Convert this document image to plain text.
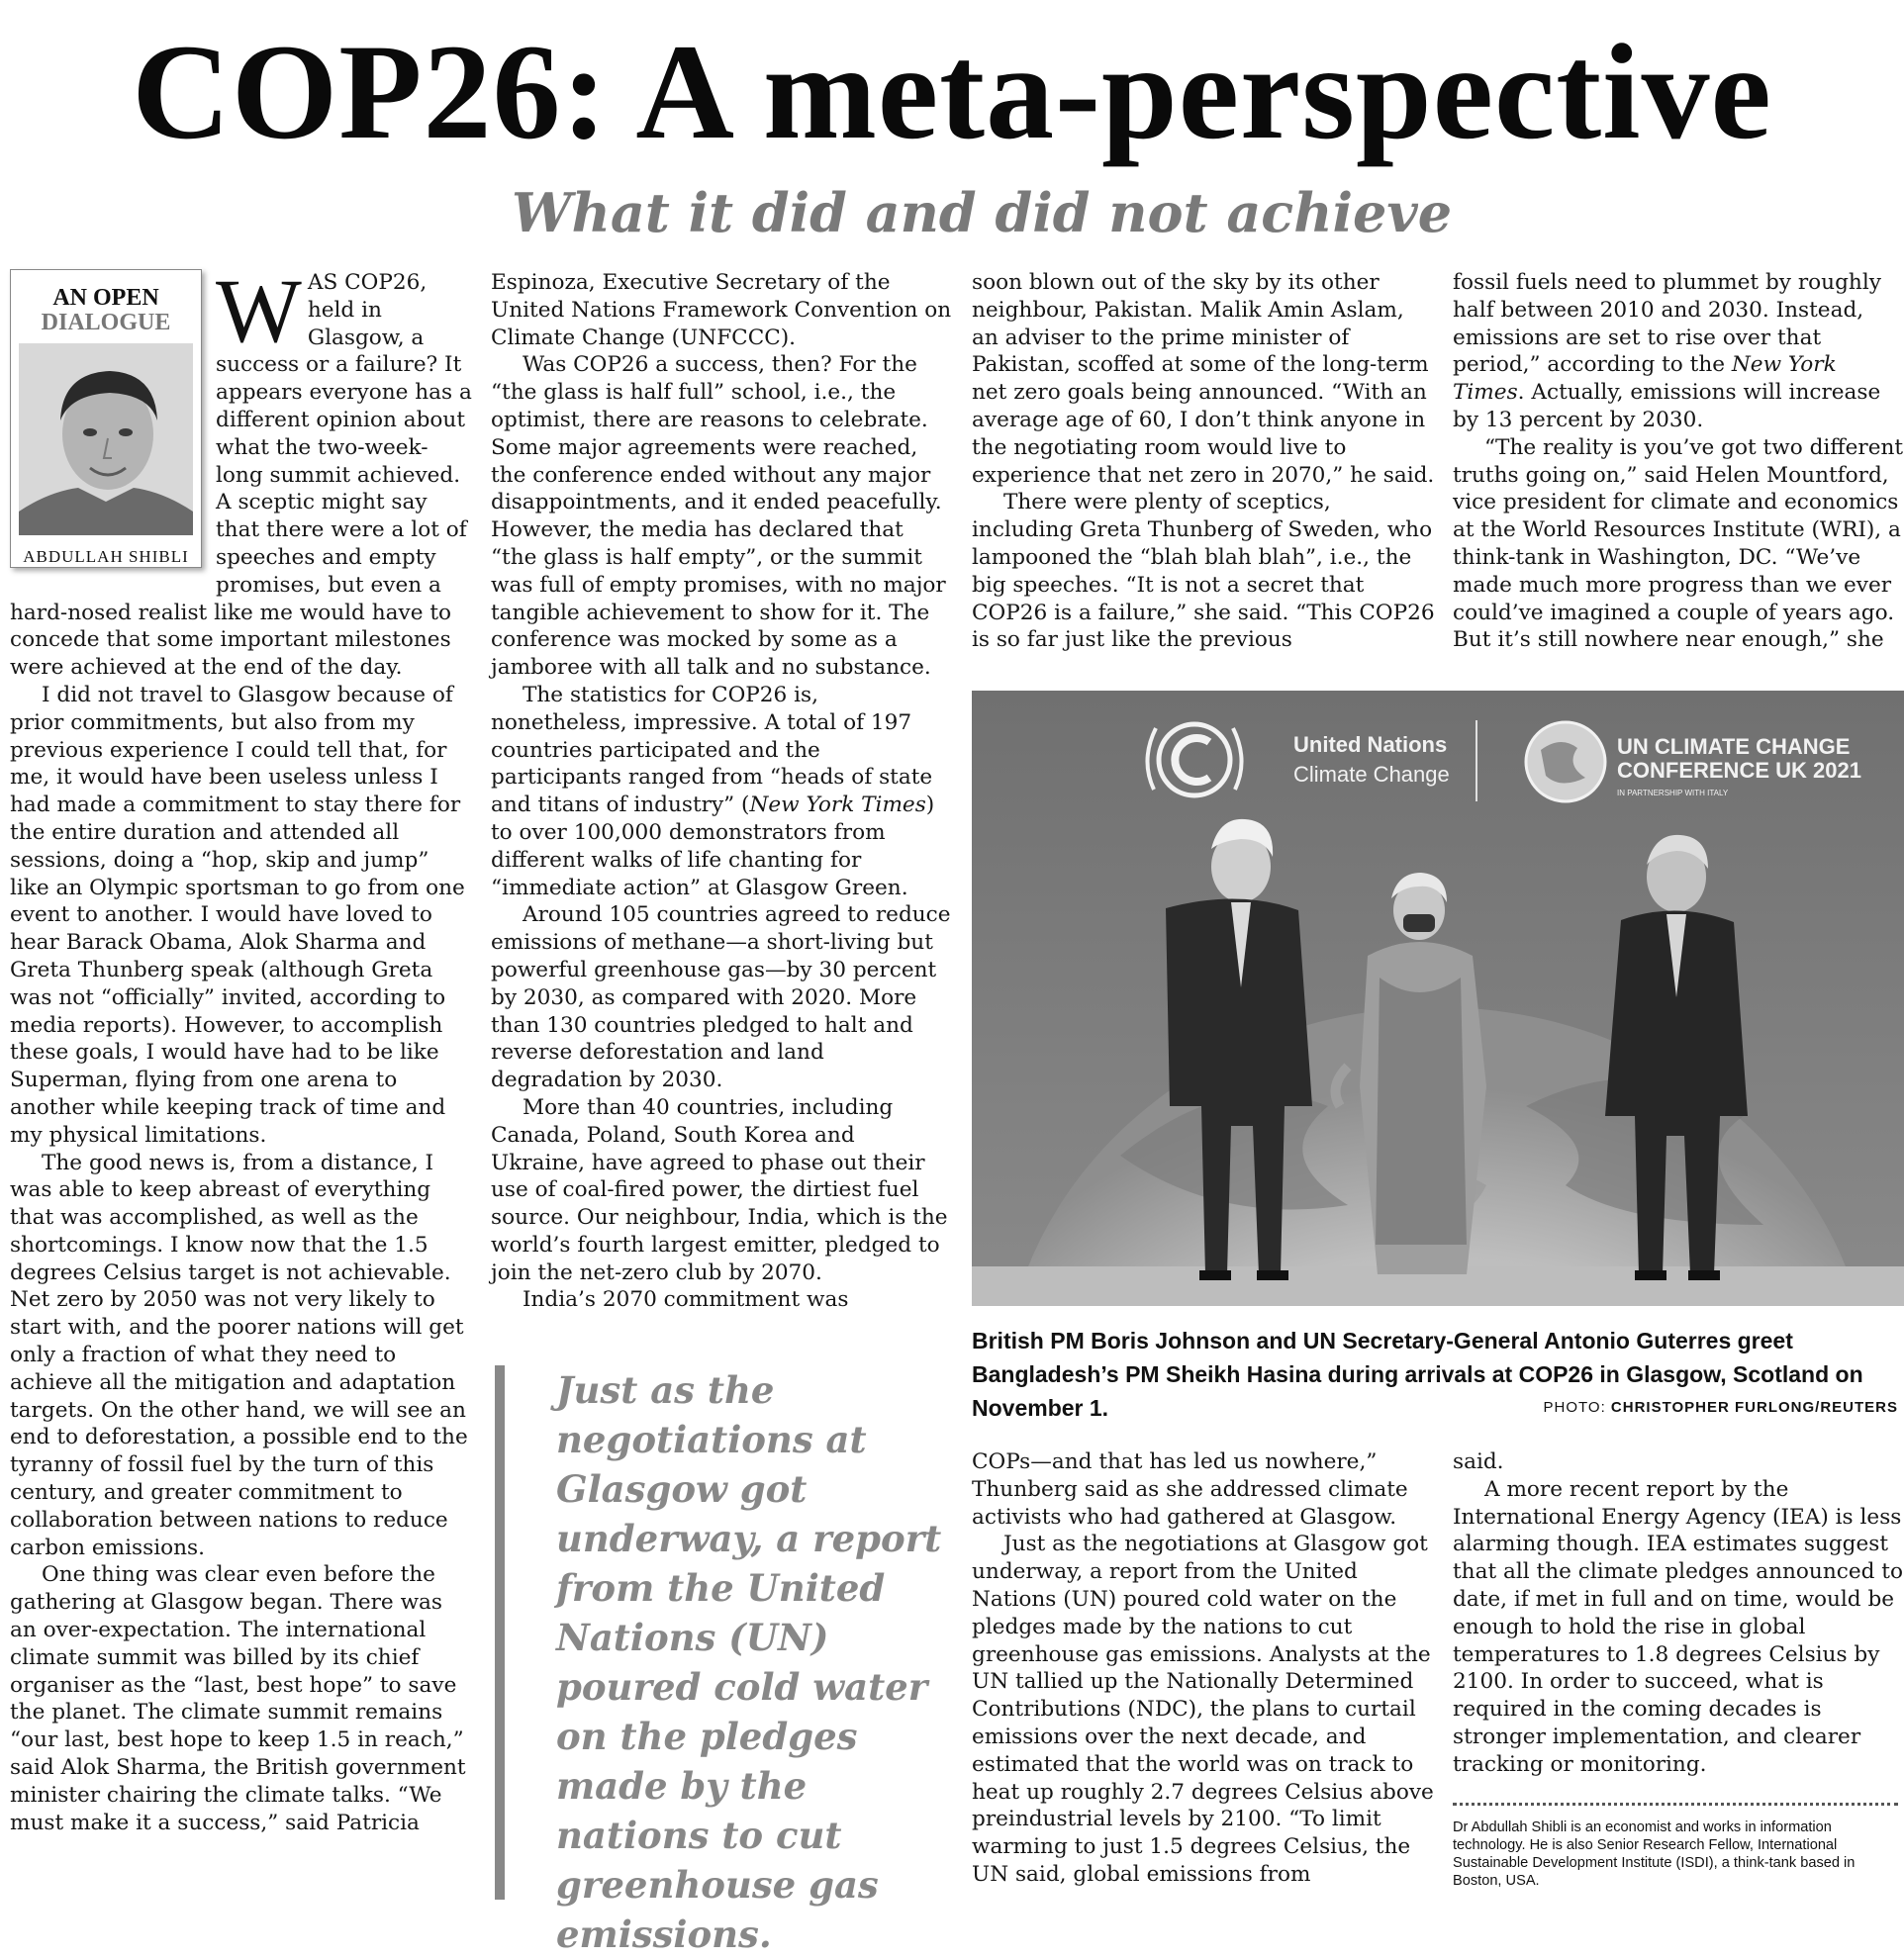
COP26: A meta-perspective
What it did and did not achieve
AN OPEN
DIALOGUE
ABDULLAH SHIBLI

WAS COP26, held in Glasgow, a success or a failure? It appears everyone has a different opinion about what the two-week-long summit achieved. A sceptic might say that there were a lot of speeches and empty promises, but even a hard-nosed realist like me would have to concede that some important milestones were achieved at the end of the day.

I did not travel to Glasgow because of prior commitments, but also from my previous experience I could tell that, for me, it would have been useless unless I had made a commitment to stay there for the entire duration and attended all sessions, doing a “hop, skip and jump” like an Olympic sportsman to go from one event to another. I would have loved to hear Barack Obama, Alok Sharma and Greta Thunberg speak (although Greta was not “officially” invited, according to media reports). However, to accomplish these goals, I would have had to be like Superman, flying from one arena to another while keeping track of time and my physical limitations.

The good news is, from a distance, I was able to keep abreast of everything that was accomplished, as well as the shortcomings. I know now that the 1.5 degrees Celsius target is not achievable. Net zero by 2050 was not very likely to start with, and the poorer nations will get only a fraction of what they need to achieve all the mitigation and adaptation targets. On the other hand, we will see an end to deforestation, a possible end to the tyranny of fossil fuel by the turn of this century, and greater commitment to collaboration between nations to reduce carbon emissions.

One thing was clear even before the gathering at Glasgow began. There was an over-expectation. The international climate summit was billed by its chief organiser as the “last, best hope” to save the planet. The climate summit remains “our last, best hope to keep 1.5 in reach,” said Alok Sharma, the British government minister chairing the climate talks. “We must make it a success,” said Patricia

Espinoza, Executive Secretary of the United Nations Framework Convention on Climate Change (UNFCCC).

Was COP26 a success, then? For the “the glass is half full” school, i.e., the optimist, there are reasons to celebrate. Some major agreements were reached, the conference ended without any major disappointments, and it ended peacefully. However, the media has declared that “the glass is half empty”, or the summit was full of empty promises, with no major tangible achievement to show for it. The conference was mocked by some as a jamboree with all talk and no substance.

The statistics for COP26 is, nonetheless, impressive. A total of 197 countries participated and the participants ranged from “heads of state and titans of industry” (New York Times) to over 100,000 demonstrators from different walks of life chanting for “immediate action” at Glasgow Green.

Around 105 countries agreed to reduce emissions of methane—a short-living but powerful greenhouse gas—by 30 percent by 2030, as compared with 2020. More than 130 countries pledged to halt and reverse deforestation and land degradation by 2030.

More than 40 countries, including Canada, Poland, South Korea and Ukraine, have agreed to phase out their use of coal-fired power, the dirtiest fuel source. Our neighbour, India, which is the world’s fourth largest emitter, pledged to join the net-zero club by 2070.

India’s 2070 commitment was

soon blown out of the sky by its other neighbour, Pakistan. Malik Amin Aslam, an adviser to the prime minister of Pakistan, scoffed at some of the long-term net zero goals being announced. “With an average age of 60, I don’t think anyone in the negotiating room would live to experience that net zero in 2070,” he said.

There were plenty of sceptics, including Greta Thunberg of Sweden, who lampooned the “blah blah blah”, i.e., the big speeches. “It is not a secret that COP26 is a failure,” she said. “This COP26 is so far just like the previous

fossil fuels need to plummet by roughly half between 2010 and 2030. Instead, emissions are set to rise over that period,” according to the New York Times. Actually, emissions will increase by 13 percent by 2030.

“The reality is you’ve got two different truths going on,” said Helen Mountford, vice president for climate and economics at the World Resources Institute (WRI), a think-tank in Washington, DC. “We’ve made much more progress than we ever could’ve imagined a couple of years ago. But it’s still nowhere near enough,” she

United Nations
Climate Change
UN CLIMATE CHANGE
CONFERENCE UK 2021
IN PARTNERSHIP WITH ITALY
British PM Boris Johnson and UN Secretary-General Antonio Guterres greet Bangladesh’s PM Sheikh Hasina during arrivals at COP26 in Glasgow, Scotland on November 1.	PHOTO: CHRISTOPHER FURLONG/REUTERS
Just as the negotiations at Glasgow got underway, a report from the United Nations (UN) poured cold water on the pledges made by the nations to cut greenhouse gas emissions.

COPs—and that has led us nowhere,” Thunberg said as she addressed climate activists who had gathered at Glasgow.

Just as the negotiations at Glasgow got underway, a report from the United Nations (UN) poured cold water on the pledges made by the nations to cut greenhouse gas emissions. Analysts at the UN tallied up the Nationally Determined Contributions (NDC), the plans to curtail emissions over the next decade, and estimated that the world was on track to heat up roughly 2.7 degrees Celsius above preindustrial levels by 2100. “To limit warming to just 1.5 degrees Celsius, the UN said, global emissions from

said.

A more recent report by the International Energy Agency (IEA) is less alarming though. IEA estimates suggest that all the climate pledges announced to date, if met in full and on time, would be enough to hold the rise in global temperatures to 1.8 degrees Celsius by 2100. In order to succeed, what is required in the coming decades is stronger implementation, and clearer tracking or monitoring.

Dr Abdullah Shibli is an economist and works in information technology. He is also Senior Research Fellow, International Sustainable Development Institute (ISDI), a think-tank based in Boston, USA.
